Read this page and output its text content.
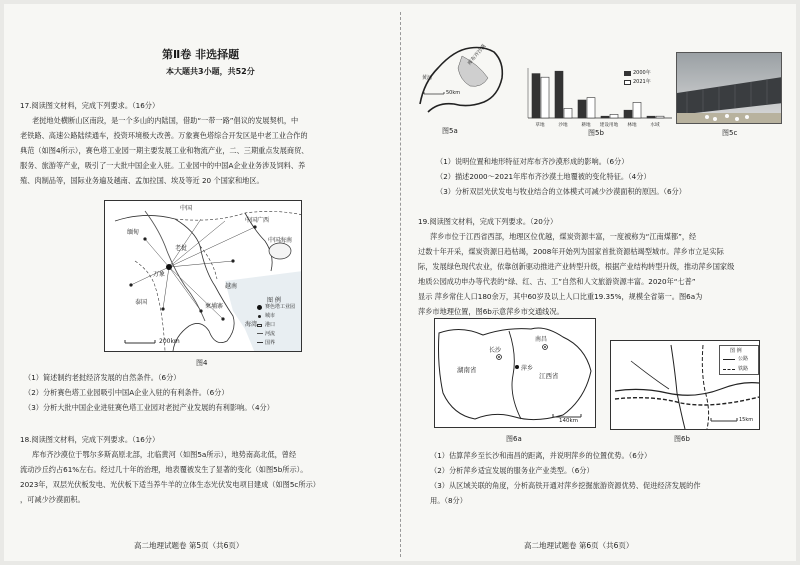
第Ⅱ卷 非选择题
本大题共3小题，共52分
17.阅读图文材料，完成下列要求。（16分）
老挝地处横断山区南段，是一个多山的内陆国，借助“一带一路”倡议的发展契机，中
老铁路、高速公路陆续通车，投资环境极大改善。万象赛色塔综合开发区是中老工业合作的
典范（如图4所示），赛色塔工业园一期主要发展工业和物流产业，二、三期重点发展商贸、
服务、旅游等产业，吸引了一大批中国企业入驻。工业园中的中国A企业业务涉及饲料、养
殖、肉制品等，国际业务遍及越南、孟加拉国、埃及等近 20 个国家和地区。
中国
中国广西
缅甸
老挝
万象
泰国
柬埔寨
越南
中国海南
海湾
200km
图 例
赛色塔工业园
城市
港口
河流
国界
图4
（1）简述制约老挝经济发展的自然条件。（6分）
（2）分析赛色塔工业园吸引中国A企业入驻的有利条件。（6分）
（3）分析大批中国企业进驻赛色塔工业园对老挝产业发展的有利影响。（4分）
18.阅读图文材料，完成下列要求。（16分）
库布齐沙漠位于鄂尔多斯高原北部，北临黄河（如图5a所示），地势南高北低，曾经
流动沙丘约占61%左右。经过几十年的治理，地表覆被发生了显著的变化（如图5b所示）。
2023年，双层光伏板发电、光伏板下适当养牛羊的立体生态光伏发电项目建成（如图5c所示）
，可减少沙漠面积。
高二地理试题卷 第5页（共6页）
库布齐沙漠
黄河
50km
图5a
草地	沙地	耕地 建设用地 林地	水域
2000年
2021年
图5b	图5c
（1）说明位置和地形特征对库布齐沙漠形成的影响。（6分）
（2）描述2000～2021年库布齐沙漠土地覆被的变化特征。（4分）
（3）分析双层光伏发电与牧业结合的立体模式可减少沙漠面积的原因。（6分）
19.阅读图文材料，完成下列要求。（20分）
萍乡市位于江西省西部，地理区位优越，煤炭资源丰富，一度被称为“江南煤都”，经
过数十年开采，煤炭资源日趋枯竭，2008年开始列为国家首批资源枯竭型城市。萍乡市立足实际
际，发展绿色现代农业，依靠创新驱动推进产业转型升级，根据产业结构转型升级，推动萍乡国家级
地质公园成功申办等代表的“绿、红、古、工”自然和人文旅游资源丰富。2020年“七普”
显示 萍乡常住人口180余万，其中60岁及以上人口比重19.35%，规模全省第一。图6a为
萍乡市地理位置，图6b示意萍乡市交通线况。
湖南省
江西省
长沙
南昌
萍乡
140km
图6a
图 例
公路
铁路
15km
图6b
（1）估算萍乡至长沙和南昌的距离，并说明萍乡的位置优势。（6分）
（2）分析萍乡适宜发展的服务业产业类型。（6分）
（3）从区域关联的角度，分析高铁开通对萍乡挖掘旅游资源优势、促进经济发展的作
用。（8分）
高二地理试题卷 第6页（共6页）
